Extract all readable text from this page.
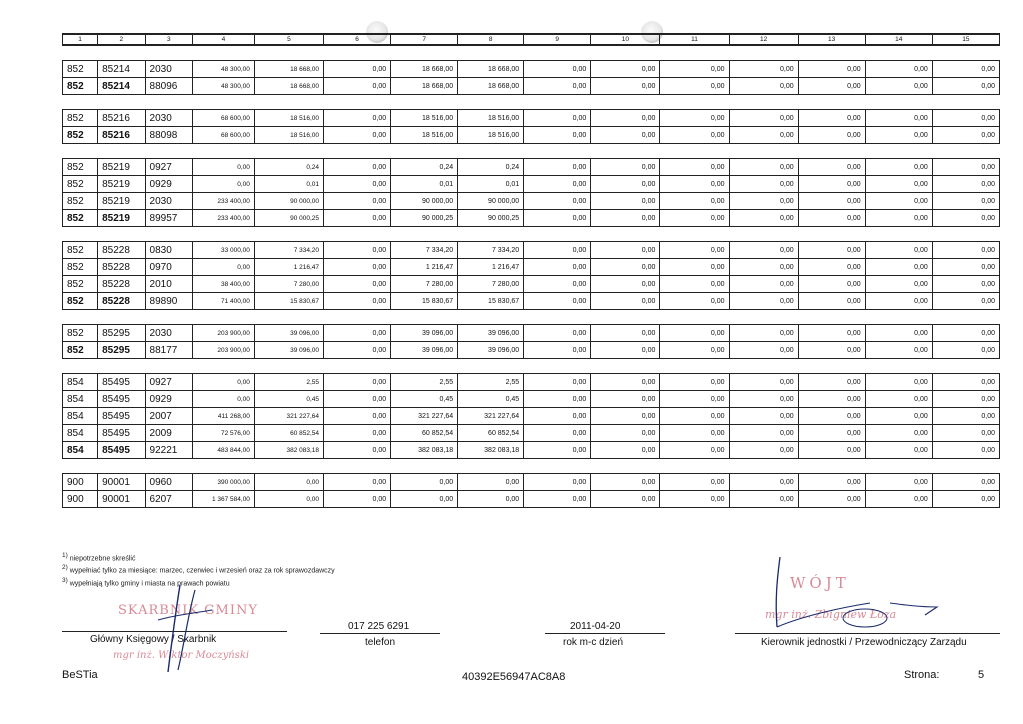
1	2	3	4	5	6	7	8	9	10	11	12	13	14	15

852	85214	2030	48 300,00	18 668,00	0,00	18 668,00	18 668,00	0,00	0,00	0,00	0,00	0,00	0,00	0,00
852	85214	88096	48 300,00	18 668,00	0,00	18 668,00	18 668,00	0,00	0,00	0,00	0,00	0,00	0,00	0,00

852	85216	2030	68 600,00	18 516,00	0,00	18 516,00	18 516,00	0,00	0,00	0,00	0,00	0,00	0,00	0,00
852	85216	88098	68 600,00	18 516,00	0,00	18 516,00	18 516,00	0,00	0,00	0,00	0,00	0,00	0,00	0,00

852	85219	0927	0,00	0,24	0,00	0,24	0,24	0,00	0,00	0,00	0,00	0,00	0,00	0,00
852	85219	0929	0,00	0,01	0,00	0,01	0,01	0,00	0,00	0,00	0,00	0,00	0,00	0,00
852	85219	2030	233 400,00	90 000,00	0,00	90 000,00	90 000,00	0,00	0,00	0,00	0,00	0,00	0,00	0,00
852	85219	89957	233 400,00	90 000,25	0,00	90 000,25	90 000,25	0,00	0,00	0,00	0,00	0,00	0,00	0,00

852	85228	0830	33 000,00	7 334,20	0,00	7 334,20	7 334,20	0,00	0,00	0,00	0,00	0,00	0,00	0,00
852	85228	0970	0,00	1 216,47	0,00	1 216,47	1 216,47	0,00	0,00	0,00	0,00	0,00	0,00	0,00
852	85228	2010	38 400,00	7 280,00	0,00	7 280,00	7 280,00	0,00	0,00	0,00	0,00	0,00	0,00	0,00
852	85228	89890	71 400,00	15 830,67	0,00	15 830,67	15 830,67	0,00	0,00	0,00	0,00	0,00	0,00	0,00

852	85295	2030	203 900,00	39 096,00	0,00	39 096,00	39 096,00	0,00	0,00	0,00	0,00	0,00	0,00	0,00
852	85295	88177	203 900,00	39 096,00	0,00	39 096,00	39 096,00	0,00	0,00	0,00	0,00	0,00	0,00	0,00

854	85495	0927	0,00	2,55	0,00	2,55	2,55	0,00	0,00	0,00	0,00	0,00	0,00	0,00
854	85495	0929	0,00	0,45	0,00	0,45	0,45	0,00	0,00	0,00	0,00	0,00	0,00	0,00
854	85495	2007	411 268,00	321 227,64	0,00	321 227,64	321 227,64	0,00	0,00	0,00	0,00	0,00	0,00	0,00
854	85495	2009	72 576,00	60 852,54	0,00	60 852,54	60 852,54	0,00	0,00	0,00	0,00	0,00	0,00	0,00
854	85495	92221	483 844,00	382 083,18	0,00	382 083,18	382 083,18	0,00	0,00	0,00	0,00	0,00	0,00	0,00

900	90001	0960	390 000,00	0,00	0,00	0,00	0,00	0,00	0,00	0,00	0,00	0,00	0,00	0,00
900	90001	6207	1 367 584,00	0,00	0,00	0,00	0,00	0,00	0,00	0,00	0,00	0,00	0,00	0,00
$^{1)}$ niepotrzebne skreślić
$^{2)}$ wypełniać tylko za miesiące: marzec, czerwiec i wrzesień oraz za rok sprawozdawczy
$^{3)}$ wypełniają tylko gminy i miasta na prawach powiatu
SKARBNIK GMINY
Główny Księgowy / Skarbnik
mgr inż. Wiktor Moczyński
017 225 6291
telefon
2011-04-20
rok m-c dzień
WÓJT
mgr inż. Zbigniew Łoza
Kierownik jednostki / Przewodniczący Zarządu
BeSTia	40392E56947AC8A8	Strona:	5
